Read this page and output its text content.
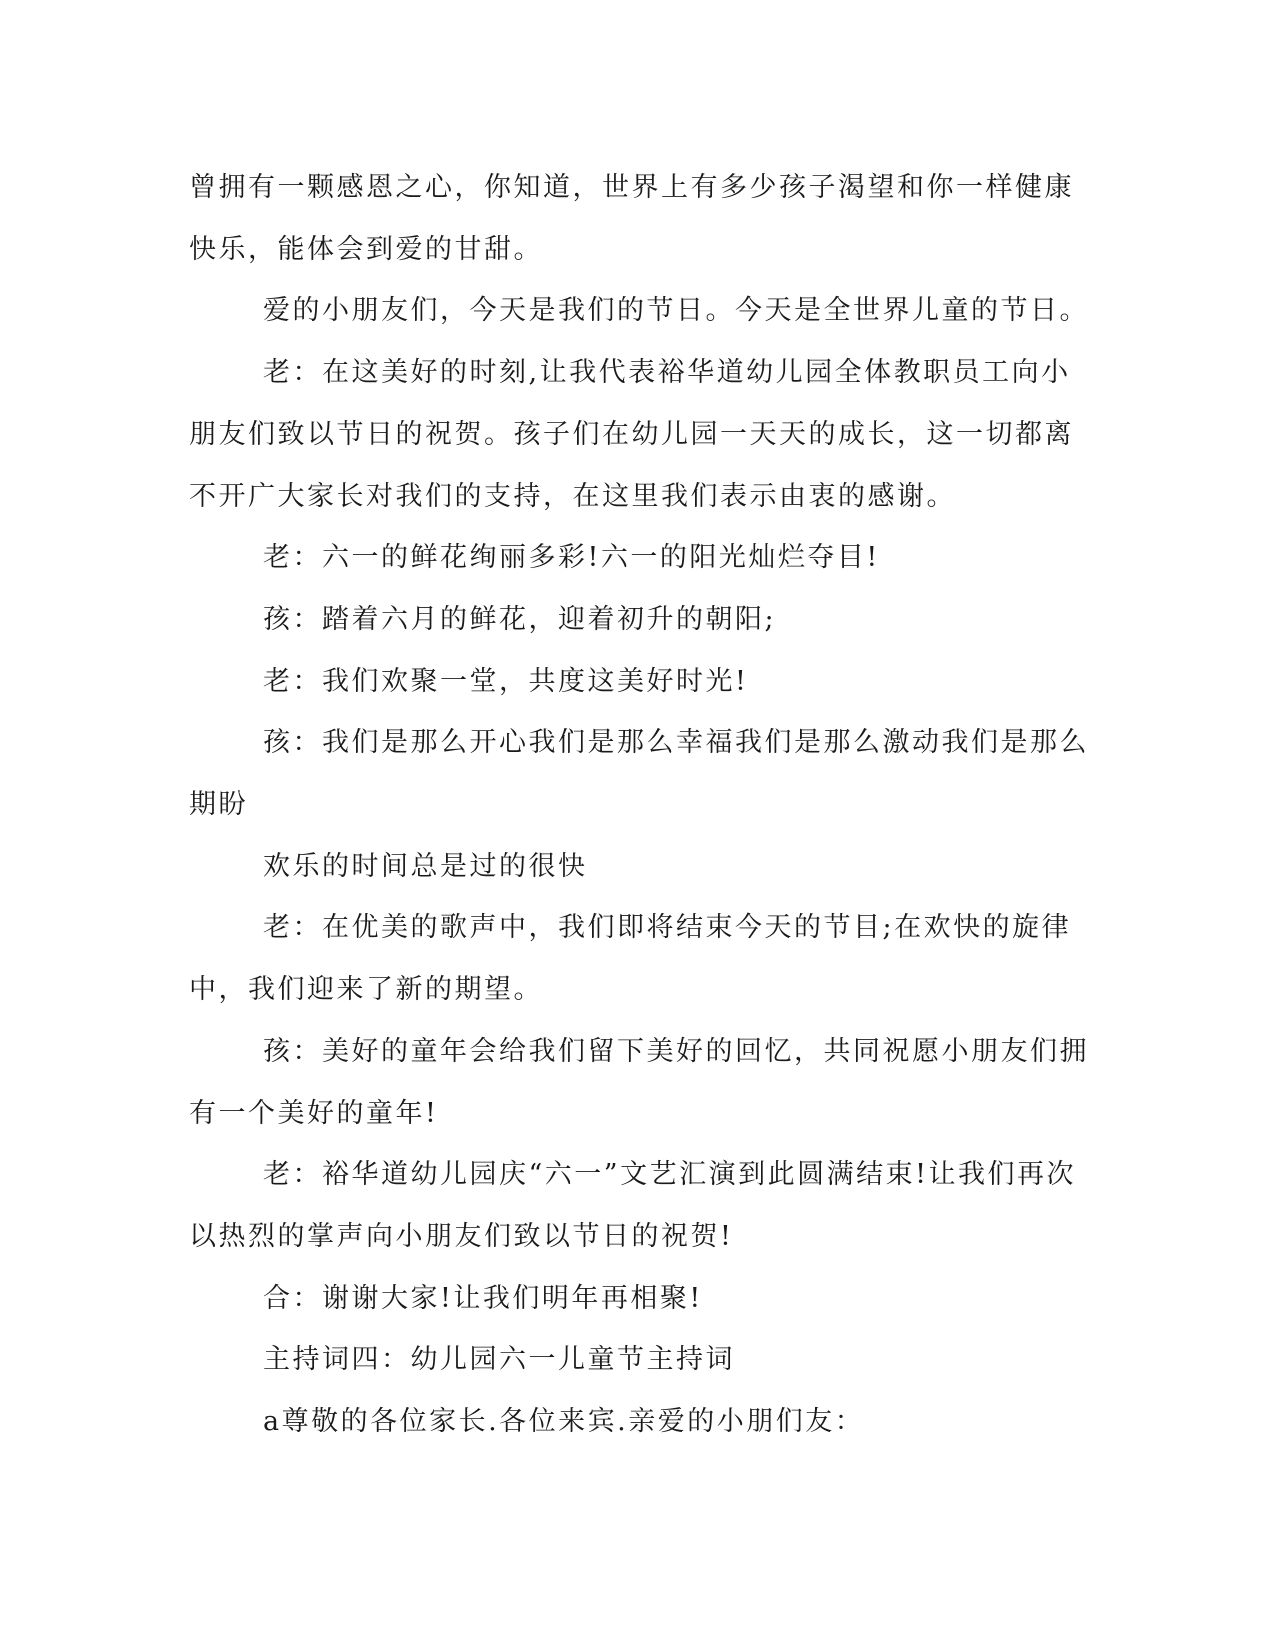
曾拥有一颗感恩之心，你知道，世界上有多少孩子渴望和你一样健康快乐，能体会到爱的甘甜。

爱的小朋友们，今天是我们的节日。今天是全世界儿童的节日。

老：在这美好的时刻,让我代表裕华道幼儿园全体教职员工向小朋友们致以节日的祝贺。孩子们在幼儿园一天天的成长，这一切都离不开广大家长对我们的支持，在这里我们表示由衷的感谢。

老：六一的鲜花绚丽多彩!六一的阳光灿烂夺目!

孩：踏着六月的鲜花，迎着初升的朝阳;

老：我们欢聚一堂，共度这美好时光!

孩：我们是那么开心我们是那么幸福我们是那么激动我们是那么期盼

欢乐的时间总是过的很快

老：在优美的歌声中，我们即将结束今天的节目;在欢快的旋律中，我们迎来了新的期望。

孩：美好的童年会给我们留下美好的回忆，共同祝愿小朋友们拥有一个美好的童年!

老：裕华道幼儿园庆“六一”文艺汇演到此圆满结束!让我们再次以热烈的掌声向小朋友们致以节日的祝贺!

合：谢谢大家!让我们明年再相聚!

主持词四：幼儿园六一儿童节主持词

a尊敬的各位家长.各位来宾.亲爱的小朋们友：
